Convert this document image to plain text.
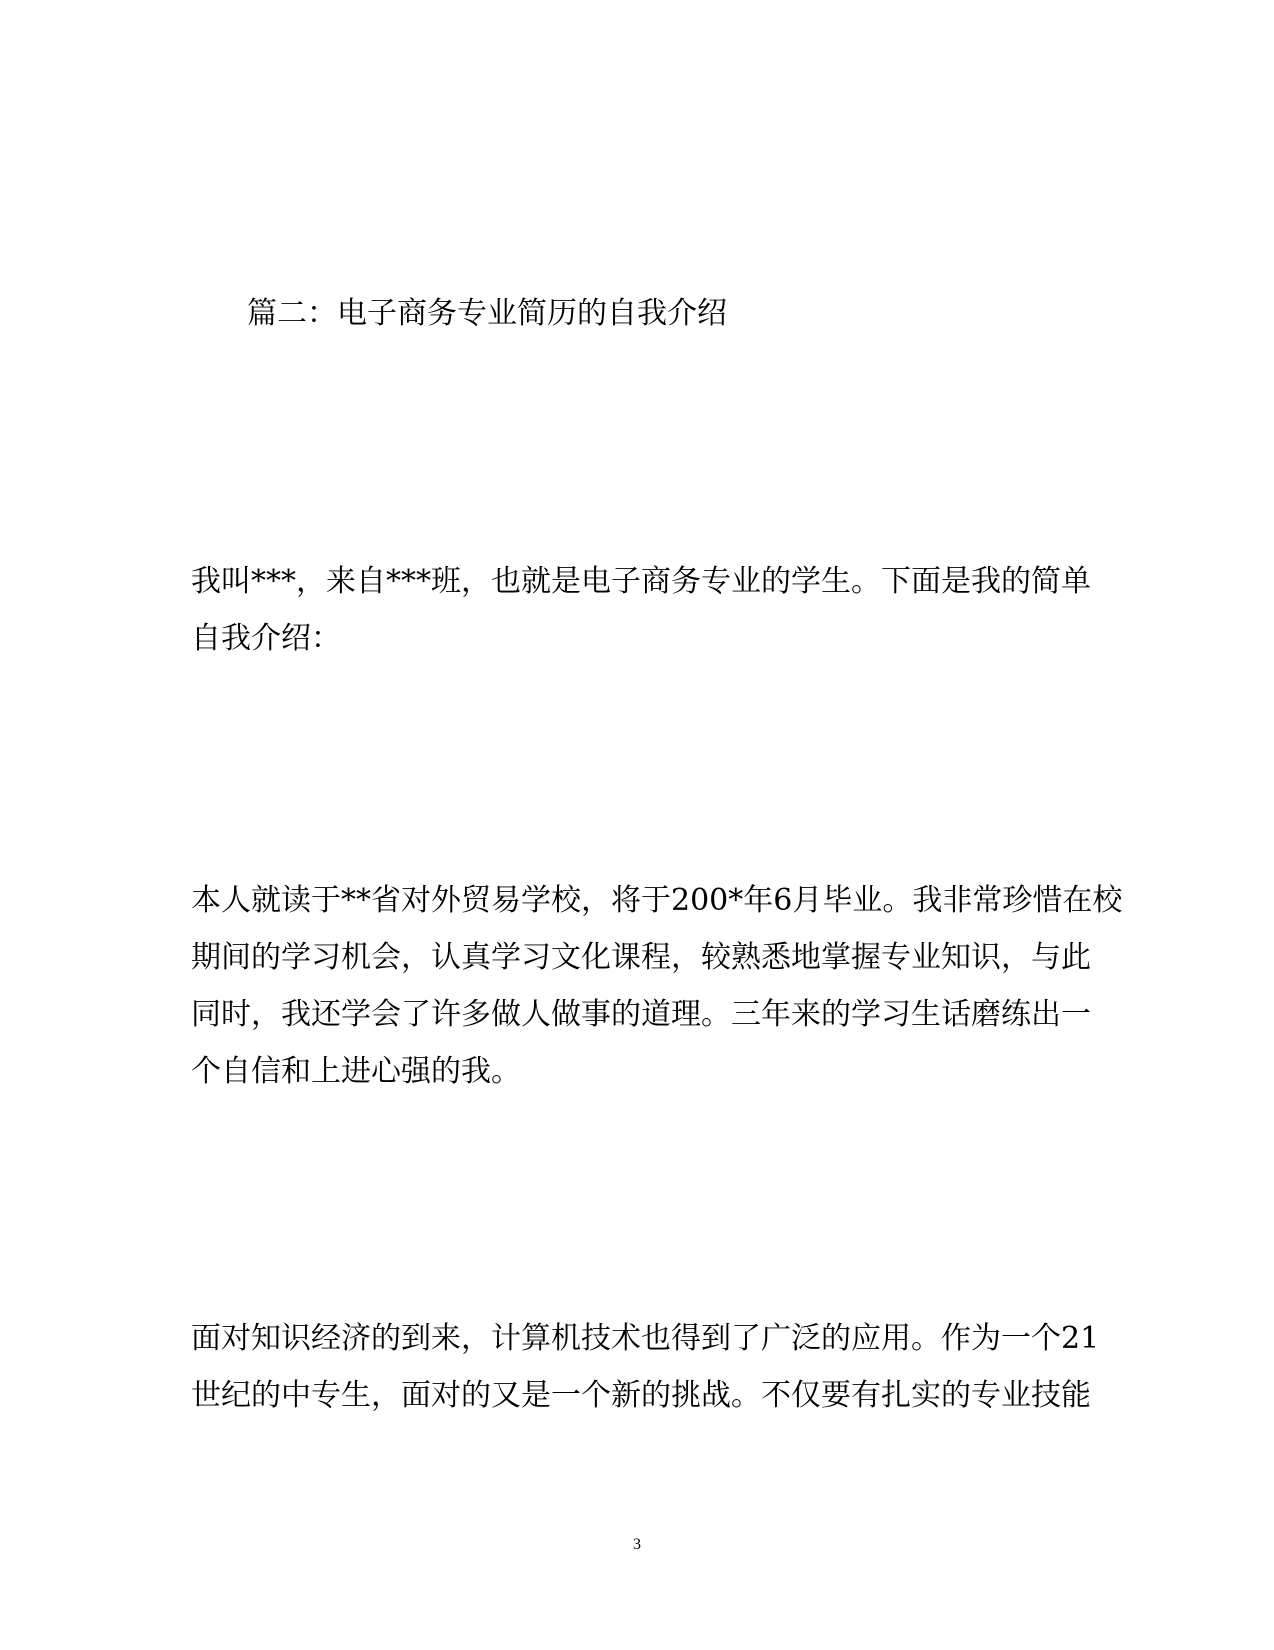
篇二：电子商务专业简历的自我介绍

我叫***，来自***班，也就是电子商务专业的学生。下面是我的简单
自我介绍：

本人就读于**省对外贸易学校，将于200*年6月毕业。我非常珍惜在校
期间的学习机会，认真学习文化课程，较熟悉地掌握专业知识，与此
同时，我还学会了许多做人做事的道理。三年来的学习生话磨练出一
个自信和上进心强的我。

面对知识经济的到来，计算机技术也得到了广泛的应用。作为一个21
世纪的中专生，面对的又是一个新的挑战。不仅要有扎实的专业技能

3
